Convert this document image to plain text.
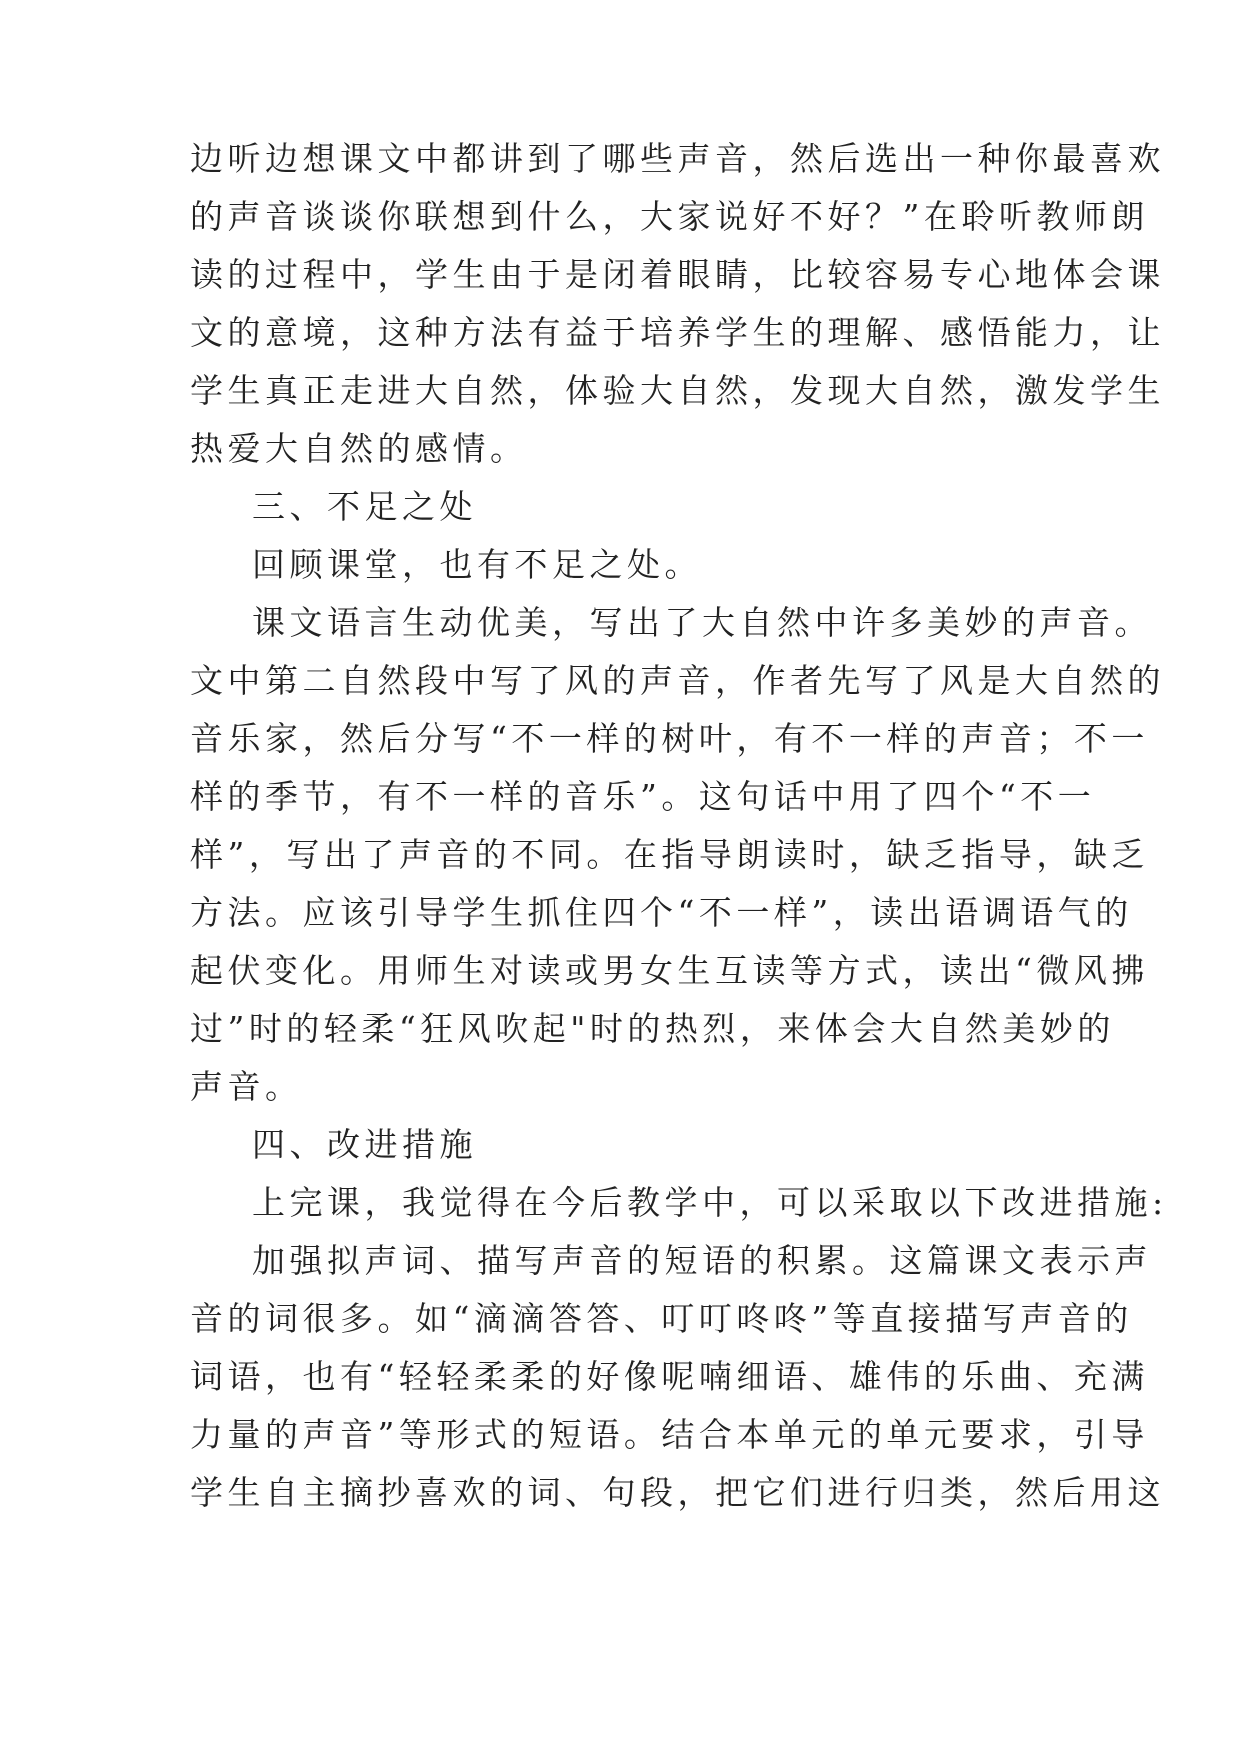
边听边想课文中都讲到了哪些声音，然后选出一种你最喜欢
的声音谈谈你联想到什么，大家说好不好？”在聆听教师朗
读的过程中，学生由于是闭着眼睛，比较容易专心地体会课
文的意境，这种方法有益于培养学生的理解、感悟能力，让
学生真正走进大自然，体验大自然，发现大自然，激发学生
热爱大自然的感情。
三、不足之处
回顾课堂，也有不足之处。
课文语言生动优美，写出了大自然中许多美妙的声音。
文中第二自然段中写了风的声音，作者先写了风是大自然的
音乐家，然后分写“不一样的树叶，有不一样的声音；不一
样的季节，有不一样的音乐”。这句话中用了四个“不一
样”，写出了声音的不同。在指导朗读时，缺乏指导，缺乏
方法。应该引导学生抓住四个“不一样”，读出语调语气的
起伏变化。用师生对读或男女生互读等方式，读出“微风拂
过”时的轻柔“狂风吹起"时的热烈，来体会大自然美妙的
声音。
四、改进措施
上完课，我觉得在今后教学中，可以采取以下改进措施:
加强拟声词、描写声音的短语的积累。这篇课文表示声
音的词很多。如“滴滴答答、叮叮咚咚”等直接描写声音的
词语，也有“轻轻柔柔的好像呢喃细语、雄伟的乐曲、充满
力量的声音”等形式的短语。结合本单元的单元要求，引导
学生自主摘抄喜欢的词、句段，把它们进行归类，然后用这
